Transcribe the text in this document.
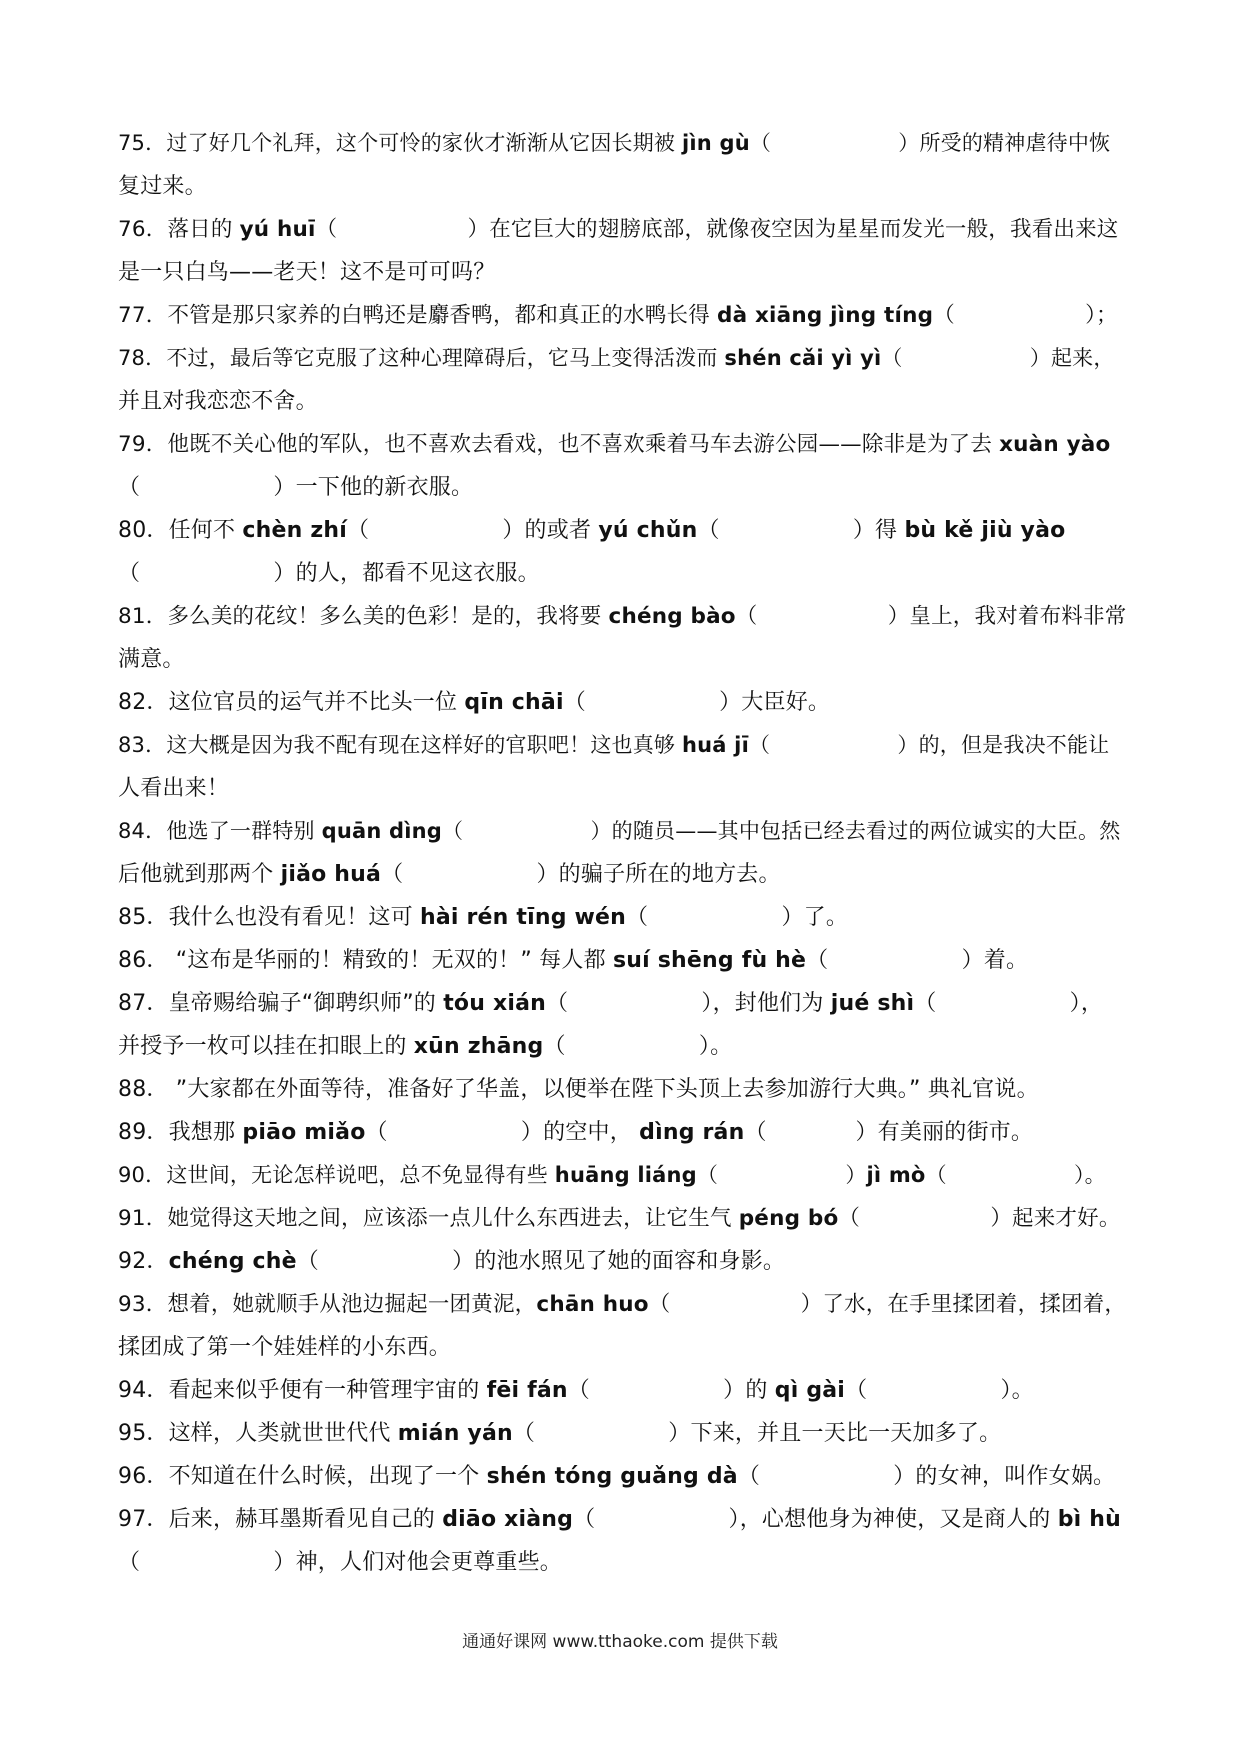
75．过了好几个礼拜，这个可怜的家伙才渐渐从它因长期被 jìn gù（　　　　　　）所受的精神虐待中恢
复过来。
76．落日的 yú huī（　　　　　　）在它巨大的翅膀底部，就像夜空因为星星而发光一般，我看出来这
是一只白鸟——老天！这不是可可吗？
77．不管是那只家养的白鸭还是麝香鸭，都和真正的水鸭长得 dà xiāng jìng tíng（　　　　　　）；
78．不过，最后等它克服了这种心理障碍后，它马上变得活泼而 shén cǎi yì yì（　　　　　　）起来，
并且对我恋恋不舍。
79．他既不关心他的军队，也不喜欢去看戏，也不喜欢乘着马车去游公园——除非是为了去 xuàn yào
（　　　　　　）一下他的新衣服。
80．任何不 chèn zhí（　　　　　　）的或者 yú chǔn（　　　　　　）得 bù kě jiù yào
（　　　　　　）的人，都看不见这衣服。
81．多么美的花纹！多么美的色彩！是的，我将要 chéng bào（　　　　　　）皇上，我对着布料非常
满意。
82．这位官员的运气并不比头一位 qīn chāi（　　　　　　）大臣好。
83．这大概是因为我不配有现在这样好的官职吧！这也真够 huá jī（　　　　　　）的，但是我决不能让
人看出来！
84．他选了一群特别 quān dìng（　　　　　　）的随员——其中包括已经去看过的两位诚实的大臣。然
后他就到那两个 jiǎo huá（　　　　　　）的骗子所在的地方去。
85．我什么也没有看见！这可 hài rén tīng wén（　　　　　　）了。
86． “这布是华丽的！精致的！无双的！” 每人都 suí shēng fù hè（　　　　　　）着。
87．皇帝赐给骗子“御聘织师”的 tóu xián（　　　　　　），封他们为 jué shì（　　　　　　），
并授予一枚可以挂在扣眼上的 xūn zhāng（　　　　　　）。
88． ”大家都在外面等待，准备好了华盖，以便举在陛下头顶上去参加游行大典。” 典礼官说。
89．我想那 piāo miǎo（　　　　　　）的空中， dìng rán（　　　　）有美丽的街市。
90．这世间，无论怎样说吧，总不免显得有些 huāng liáng（　　　　　　）jì mò（　　　　　　）。
91．她觉得这天地之间，应该添一点儿什么东西进去，让它生气 péng bó（　　　　　　）起来才好。
92．chéng chè（　　　　　　）的池水照见了她的面容和身影。
93．想着，她就顺手从池边掘起一团黄泥，chān huo（　　　　　　）了水，在手里揉团着，揉团着，
揉团成了第一个娃娃样的小东西。
94．看起来似乎便有一种管理宇宙的 fēi fán（　　　　　　）的 qì gài（　　　　　　）。
95．这样，人类就世世代代 mián yán（　　　　　　）下来，并且一天比一天加多了。
96．不知道在什么时候，出现了一个 shén tóng guǎng dà（　　　　　　）的女神，叫作女娲。
97．后来，赫耳墨斯看见自己的 diāo xiàng（　　　　　　），心想他身为神使，又是商人的 bì hù
（　　　　　　）神，人们对他会更尊重些。
通通好课网 www.tthaoke.com 提供下载
